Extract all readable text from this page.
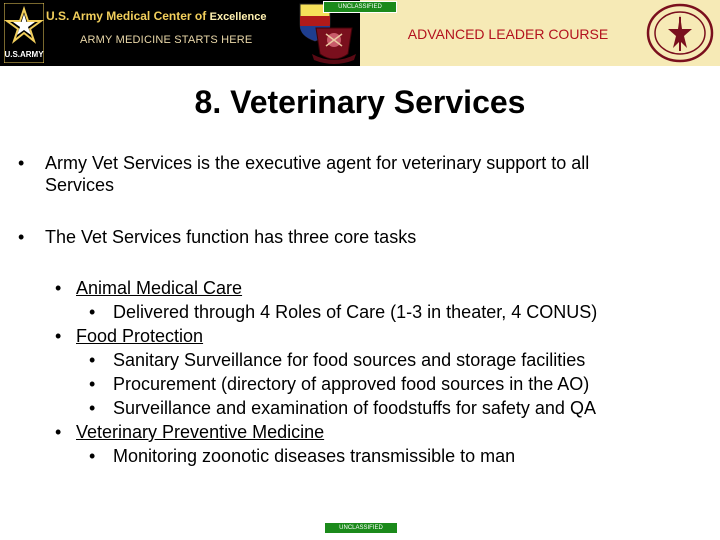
U.S.ARMY
U.S. Army Medical Center of Excellence
ARMY MEDICINE STARTS HERE
UNCLASSIFIED
ADVANCED LEADER COURSE
8. Veterinary Services
• Army Vet Services is the executive agent for veterinary support to all
Services
• The Vet Services function has three core tasks
• Animal Medical Care
• Delivered through 4 Roles of Care (1-3 in theater, 4 CONUS)
• Food Protection
• Sanitary Surveillance for food sources and storage facilities
• Procurement (directory of approved food sources in the AO)
• Surveillance and examination of foodstuffs for safety and QA
• Veterinary Preventive Medicine
• Monitoring zoonotic diseases transmissible to man
UNCLASSIFIED
